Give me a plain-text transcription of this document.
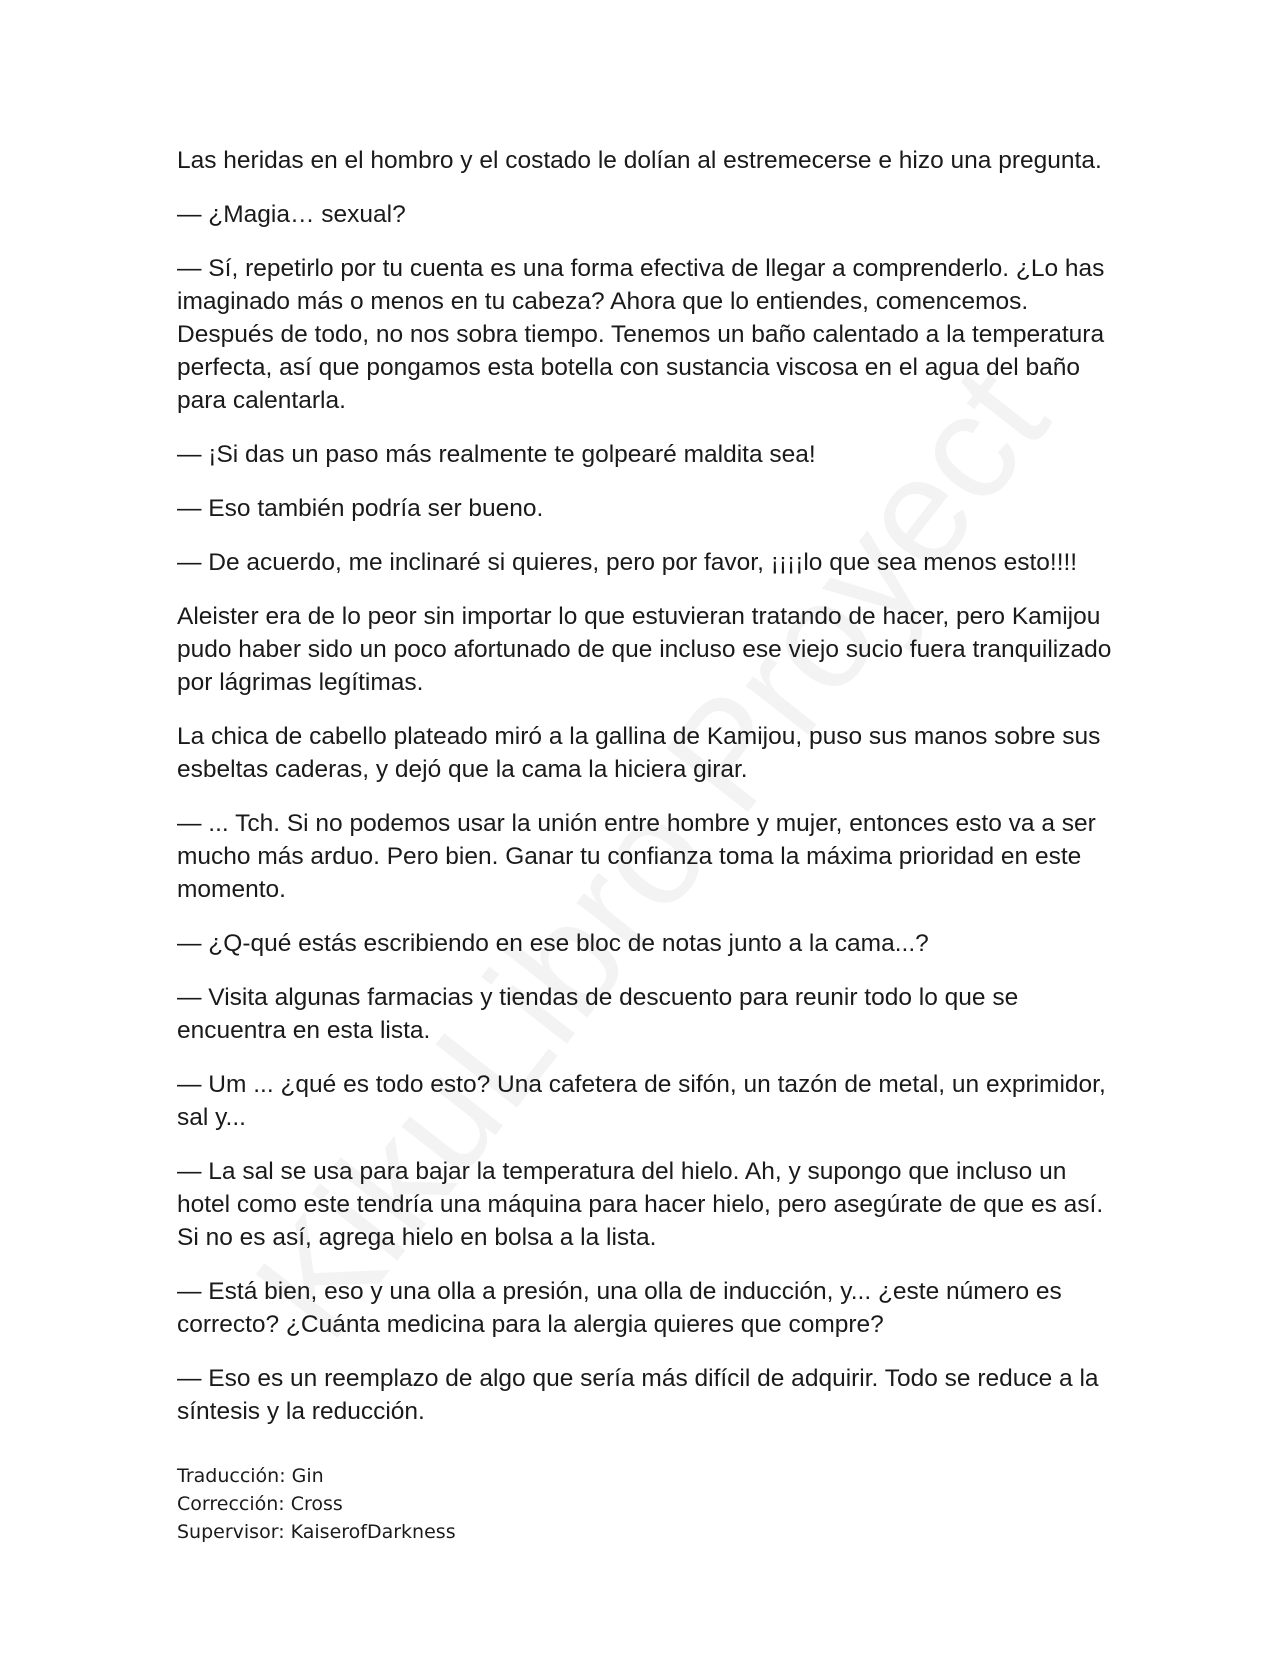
Las heridas en el hombro y el costado le dolían al estremecerse e hizo una pregunta.

— ¿Magia… sexual?

— Sí, repetirlo por tu cuenta es una forma efectiva de llegar a comprenderlo. ¿Lo has imaginado más o menos en tu cabeza? Ahora que lo entiendes, comencemos. Después de todo, no nos sobra tiempo. Tenemos un baño calentado a la temperatura perfecta, así que pongamos esta botella con sustancia viscosa en el agua del baño para calentarla.

— ¡Si das un paso más realmente te golpearé maldita sea!

— Eso también podría ser bueno.

— De acuerdo, me inclinaré si quieres, pero por favor, ¡¡¡¡lo que sea menos esto!!!!

Aleister era de lo peor sin importar lo que estuvieran tratando de hacer, pero Kamijou pudo haber sido un poco afortunado de que incluso ese viejo sucio fuera tranquilizado por lágrimas legítimas.

La chica de cabello plateado miró a la gallina de Kamijou, puso sus manos sobre sus esbeltas caderas, y dejó que la cama la hiciera girar.

— ... Tch. Si no podemos usar la unión entre hombre y mujer, entonces esto va a ser mucho más arduo. Pero bien. Ganar tu confianza toma la máxima prioridad en este momento.

— ¿Q-qué estás escribiendo en ese bloc de notas junto a la cama...?

— Visita algunas farmacias y tiendas de descuento para reunir todo lo que se encuentra en esta lista.

— Um ... ¿qué es todo esto? Una cafetera de sifón, un tazón de metal, un exprimidor, sal y...

— La sal se usa para bajar la temperatura del hielo. Ah, y supongo que incluso un hotel como este tendría una máquina para hacer hielo, pero asegúrate de que es así. Si no es así, agrega hielo en bolsa a la lista.

— Está bien, eso y una olla a presión, una olla de inducción, y... ¿este número es correcto? ¿Cuánta medicina para la alergia quieres que compre?

— Eso es un reemplazo de algo que sería más difícil de adquirir. Todo se reduce a la síntesis y la reducción.

Traducción: Gin
Corrección: Cross
Supervisor: KaiserofDarkness
